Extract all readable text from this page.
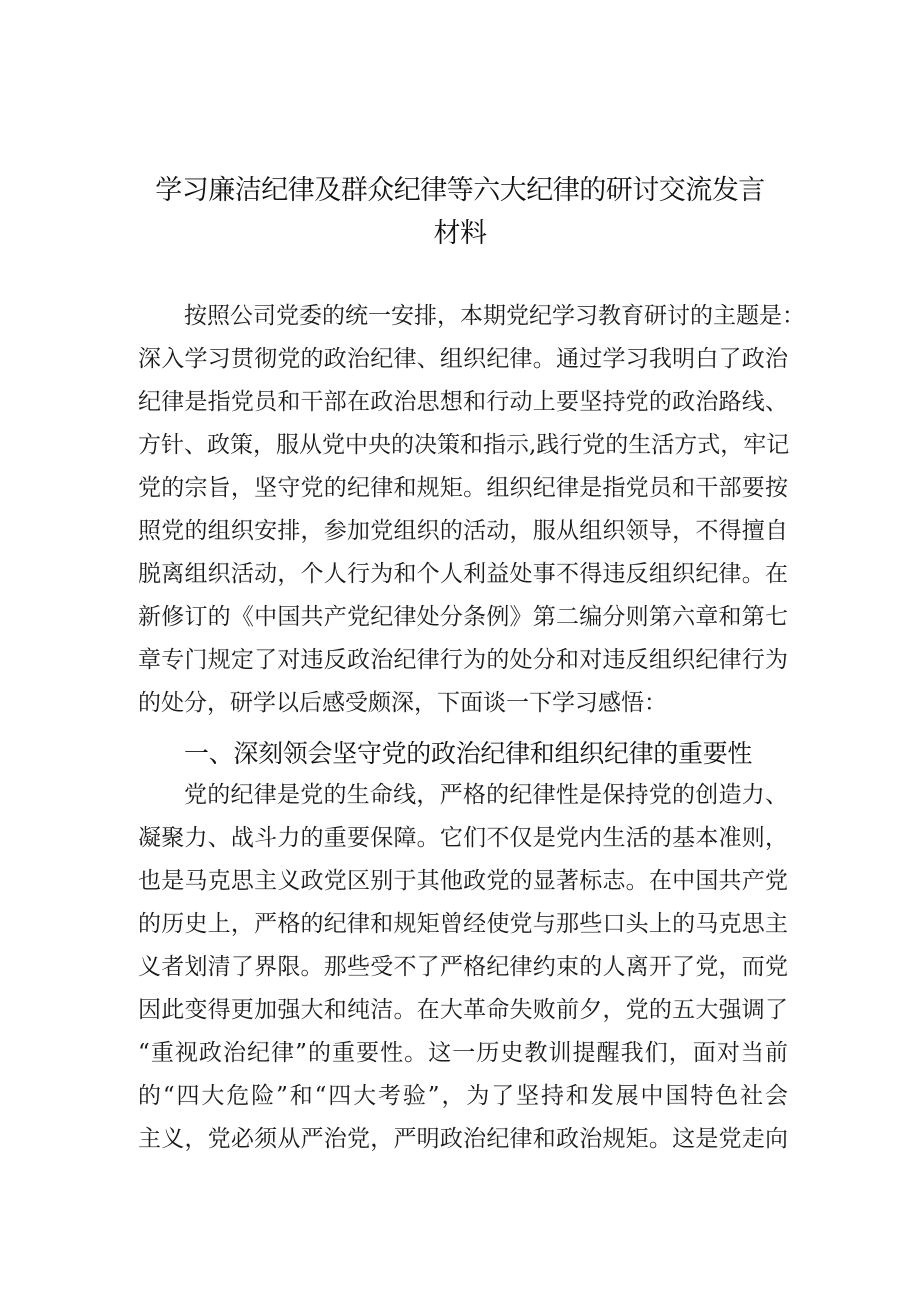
学习廉洁纪律及群众纪律等六大纪律的研讨交流发言
材料
按照公司党委的统一安排，本期党纪学习教育研讨的主题是：
深入学习贯彻党的政治纪律、组织纪律。通过学习我明白了政治
纪律是指党员和干部在政治思想和行动上要坚持党的政治路线、
方针、政策，服从党中央的决策和指示,践行党的生活方式，牢记
党的宗旨，坚守党的纪律和规矩。组织纪律是指党员和干部要按
照党的组织安排，参加党组织的活动，服从组织领导，不得擅自
脱离组织活动，个人行为和个人利益处事不得违反组织纪律。在
新修订的《中国共产党纪律处分条例》第二编分则第六章和第七
章专门规定了对违反政治纪律行为的处分和对违反组织纪律行为
的处分，研学以后感受颇深，下面谈一下学习感悟：
一、深刻领会坚守党的政治纪律和组织纪律的重要性
党的纪律是党的生命线，严格的纪律性是保持党的创造力、
凝聚力、战斗力的重要保障。它们不仅是党内生活的基本准则，
也是马克思主义政党区别于其他政党的显著标志。在中国共产党
的历史上，严格的纪律和规矩曾经使党与那些口头上的马克思主
义者划清了界限。那些受不了严格纪律约束的人离开了党，而党
因此变得更加强大和纯洁。在大革命失败前夕，党的五大强调了
“重视政治纪律”的重要性。这一历史教训提醒我们，面对当前
的“四大危险”和“四大考验”，为了坚持和发展中国特色社会
主义，党必须从严治党，严明政治纪律和政治规矩。这是党走向
